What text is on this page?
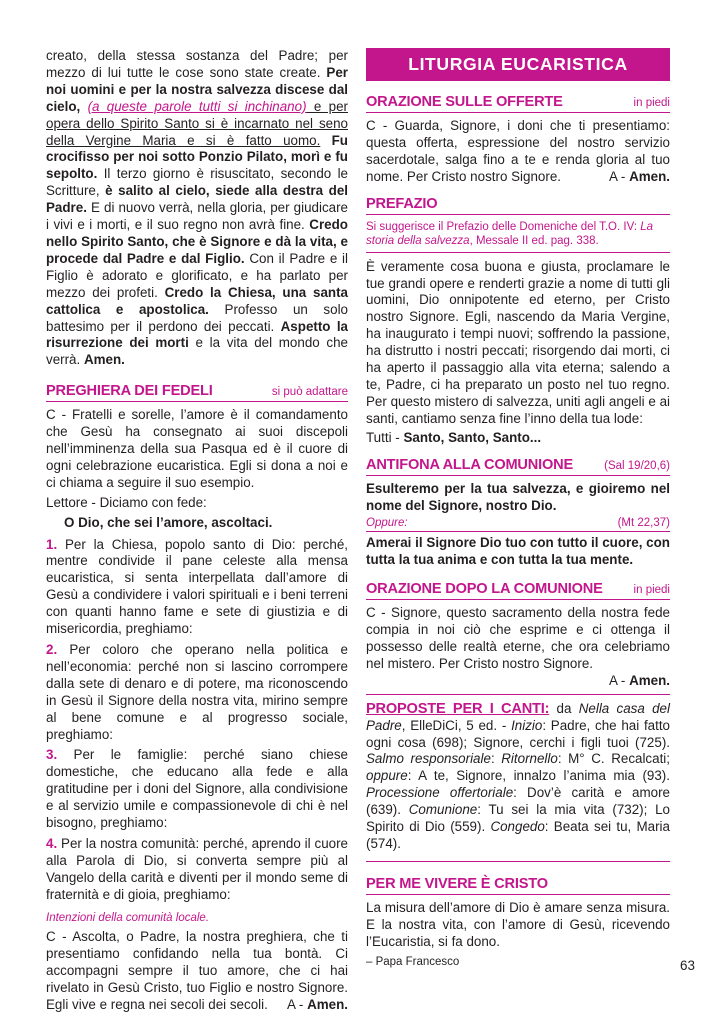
creato, della stessa sostanza del Padre; per mezzo di lui tutte le cose sono state create. Per noi uomini e per la nostra salvezza discese dal cielo, (a queste parole tutti si inchinano) e per opera dello Spirito Santo si è incarnato nel seno della Vergine Maria e si è fatto uomo. Fu crocifisso per noi sotto Ponzio Pilato, morì e fu sepolto. Il terzo giorno è risuscitato, secondo le Scritture, è salito al cielo, siede alla destra del Padre. E di nuovo verrà, nella gloria, per giudicare i vivi e i morti, e il suo regno non avrà fine. Credo nello Spirito Santo, che è Signore e dà la vita, e procede dal Padre e dal Figlio. Con il Padre e il Figlio è adorato e glorificato, e ha parlato per mezzo dei profeti. Credo la Chiesa, una santa cattolica e apostolica. Professo un solo battesimo per il perdono dei peccati. Aspetto la risurrezione dei morti e la vita del mondo che verrà. Amen.

PREGHIERA DEI FEDELI	si può adattare

C - Fratelli e sorelle, l’amore è il comandamento che Gesù ha consegnato ai suoi discepoli nell’imminenza della sua Pasqua ed è il cuore di ogni celebrazione eucaristica. Egli si dona a noi e ci chiama a seguire il suo esempio.

Lettore - Diciamo con fede:

O Dio, che sei l’amore, ascoltaci.

1. Per la Chiesa, popolo santo di Dio: perché, mentre condivide il pane celeste alla mensa eucaristica, si senta interpellata dall’amore di Gesù a condividere i valori spirituali e i beni terreni con quanti hanno fame e sete di giustizia e di misericordia, preghiamo:

2. Per coloro che operano nella politica e nell’economia: perché non si lascino corrompere dalla sete di denaro e di potere, ma riconoscendo in Gesù il Signore della nostra vita, mirino sempre al bene comune e al progresso sociale, preghiamo:

3. Per le famiglie: perché siano chiese domestiche, che educano alla fede e alla gratitudine per i doni del Signore, alla condivisione e al servizio umile e compassionevole di chi è nel bisogno, preghiamo:

4. Per la nostra comunità: perché, aprendo il cuore alla Parola di Dio, si converta sempre più al Vangelo della carità e diventi per il mondo seme di fraternità e di gioia, preghiamo:

Intenzioni della comunità locale.

C - Ascolta, o Padre, la nostra preghiera, che ti presentiamo confidando nella tua bontà. Ci accompagni sempre il tuo amore, che ci hai rivelato in Gesù Cristo, tuo Figlio e nostro Signore. Egli vive e regna nei secoli dei secoli. A - Amen.

LITURGIA EUCARISTICA
ORAZIONE SULLE OFFERTE	in piedi

C - Guarda, Signore, i doni che ti presentiamo: questa offerta, espressione del nostro servizio sacerdotale, salga fino a te e renda gloria al tuo nome. Per Cristo nostro Signore.	A - Amen.

PREFAZIO
Si suggerisce il Prefazio delle Domeniche del T.O. IV: La storia della salvezza, Messale II ed. pag. 338.

È veramente cosa buona e giusta, proclamare le tue grandi opere e renderti grazie a nome di tutti gli uomini, Dio onnipotente ed eterno, per Cristo nostro Signore. Egli, nascendo da Maria Vergine, ha inaugurato i tempi nuovi; soffrendo la passione, ha distrutto i nostri peccati; risorgendo dai morti, ci ha aperto il passaggio alla vita eterna; salendo a te, Padre, ci ha preparato un posto nel tuo regno. Per questo mistero di salvezza, uniti agli angeli e ai santi, cantiamo senza fine l’inno della tua lode:

Tutti - Santo, Santo, Santo...

ANTIFONA ALLA COMUNIONE	(Sal 19/20,6)

Esulteremo per la tua salvezza, e gioiremo nel nome del Signore, nostro Dio.

Oppure:	(Mt 22,37)

Amerai il Signore Dio tuo con tutto il cuore, con tutta la tua anima e con tutta la tua mente.

ORAZIONE DOPO LA COMUNIONE	in piedi

C - Signore, questo sacramento della nostra fede compia in noi ciò che esprime e ci ottenga il possesso delle realtà eterne, che ora celebriamo nel mistero. Per Cristo nostro Signore.

A - Amen.

PROPOSTE PER I CANTI: da Nella casa del Padre, ElleDiCi, 5 ed. - Inizio: Padre, che hai fatto ogni cosa (698); Signore, cerchi i figli tuoi (725). Salmo responsoriale: Ritornello: M° C. Recalcati; oppure: A te, Signore, innalzo l’anima mia (93). Processione offertoriale: Dov’è carità e amore (639). Comunione: Tu sei la mia vita (732); Lo Spirito di Dio (559). Congedo: Beata sei tu, Maria (574).

PER ME VIVERE È CRISTO

La misura dell’amore di Dio è amare senza misura. E la nostra vita, con l’amore di Gesù, ricevendo l’Eucaristia, si fa dono.

– Papa Francesco	63
